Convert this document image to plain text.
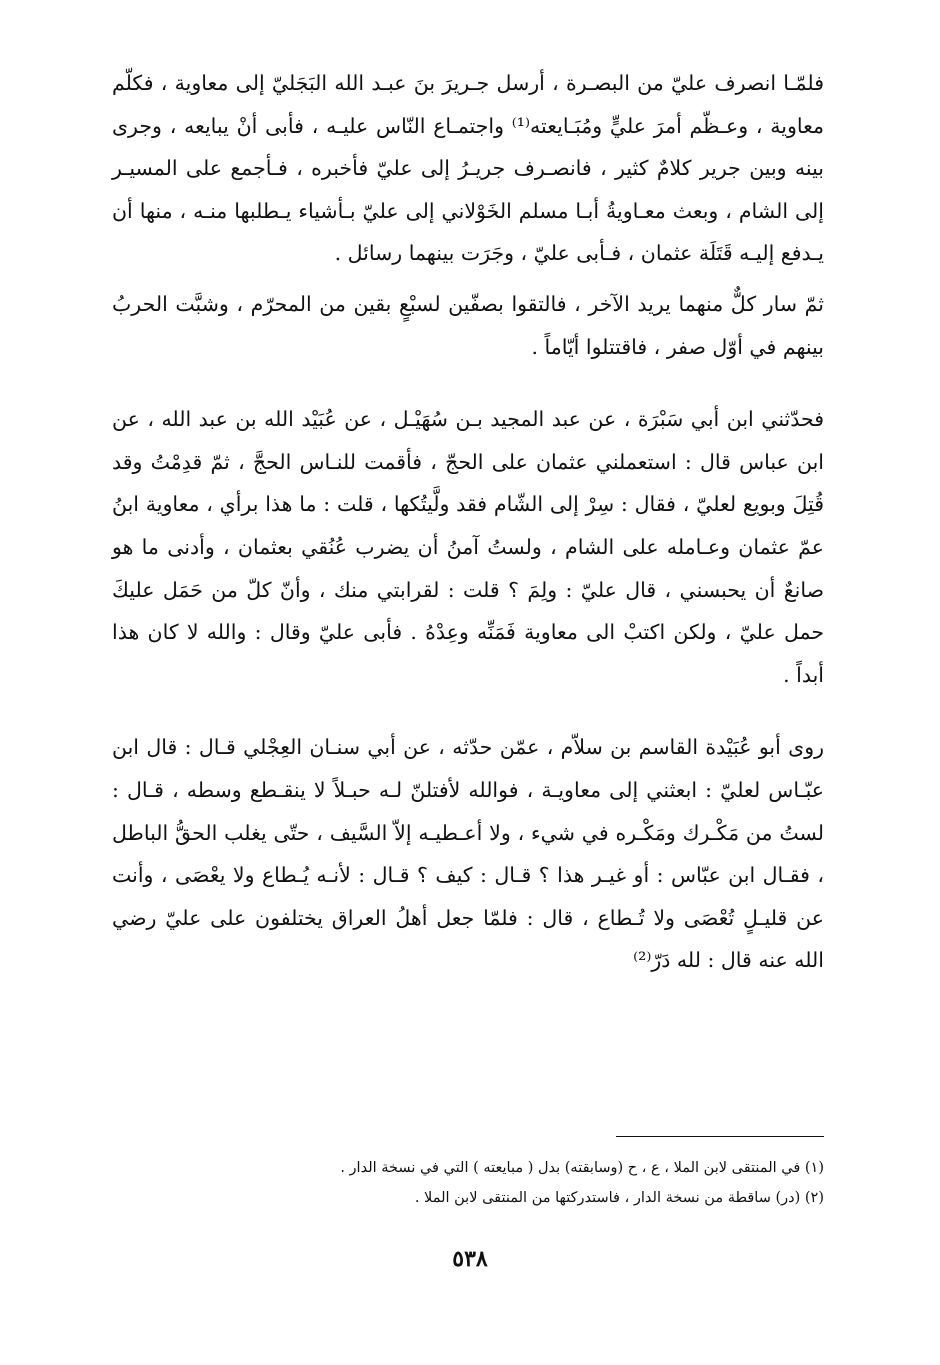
فلمّـا انصرف عليّ من البصـرة ، أرسل جـريرَ بنَ عبـد الله البَجَليّ إلى معاوية ، فكلّم معاوية ، وعـظّم أمرَ عليٍّ ومُبَـايعته⁽¹⁾ واجتمـاع النّاس عليـه ، فأبى أنْ يبايعه ، وجرى بينه وبين جرير كلامٌ كثير ، فانصـرف جريـرُ إلى عليّ فأخبره ، فـأجمع على المسيـر إلى الشام ، وبعث معـاويةُ أبـا مسلم الخَوْلاني إلى عليّ بـأشياء يـطلبها منـه ، منها أن يـدفع إليـه قَتَلَة عثمان ، فـأبى عليّ ، وجَرَت بينهما رسائل .

ثمّ سار كلٌّ منهما يريد الآخر ، فالتقوا بصفّين لسبْعٍ بقين من المحرّم ، وشبَّت الحربُ بينهم في أوّل صفر ، فاقتتلوا أيّاماً .

فحدّثني ابن أبي سَبْرَة ، عن عبد المجيد بـن سُهَيْـل ، عن عُبَيْد الله بن عبد الله ، عن ابن عباس قال : استعملني عثمان على الحجّ ، فأقمت للنـاس الحجَّ ، ثمّ قدِمْتُ وقد قُتِلَ وبويع لعليّ ، فقال : سِرْ إلى الشّام فقد ولَّيتُكها ، قلت : ما هذا برأي ، معاوية ابنُ عمّ عثمان وعـامله على الشام ، ولستُ آمنُ أن يضرب عُنُقي بعثمان ، وأدنى ما هو صانعٌ أن يحبسني ، قال عليّ : ولِمَ ؟ قلت : لقرابتي منك ، وأنّ كلّ من حَمَل عليكَ حمل عليّ ، ولكن اكتبْ الى معاوية فَمَنِّه وعِدْهُ . فأبى عليّ وقال : والله لا كان هذا أبداً .

روى أبو عُبَيْدة القاسم بن سلاّم ، عمّن حدّثه ، عن أبي سنـان العِجْلي قـال : قال ابن عبّـاس لعليّ : ابعثني إلى معاويـة ، فوالله لأفتلنّ لـه حبـلاً لا ينقـطع وسطه ، قـال : لستُ من مَكْـرك ومَكْـره في شيء ، ولا أعـطيـه إلاّ السَّيف ، حتّى يغلب الحقُّ الباطل ، فقـال ابن عبّاس : أو غيـر هذا ؟ قـال : كيف ؟ قـال : لأنـه يُـطاع ولا يعْصَى ، وأنت عن قليـلٍ تُعْصَى ولا تُـطاع ، قال : فلمّا جعل أهلُ العراق يختلفون على عليّ رضي الله عنه قال : لله دَرّ⁽²⁾

(١) في المنتقى لابن الملا ، ع ، ح (وسابقته) بدل ( مبايعته ) التي في نسخة الدار .

(٢) (در) ساقطة من نسخة الدار ، فاستدركتها من المنتقى لابن الملا .

٥٣٨
